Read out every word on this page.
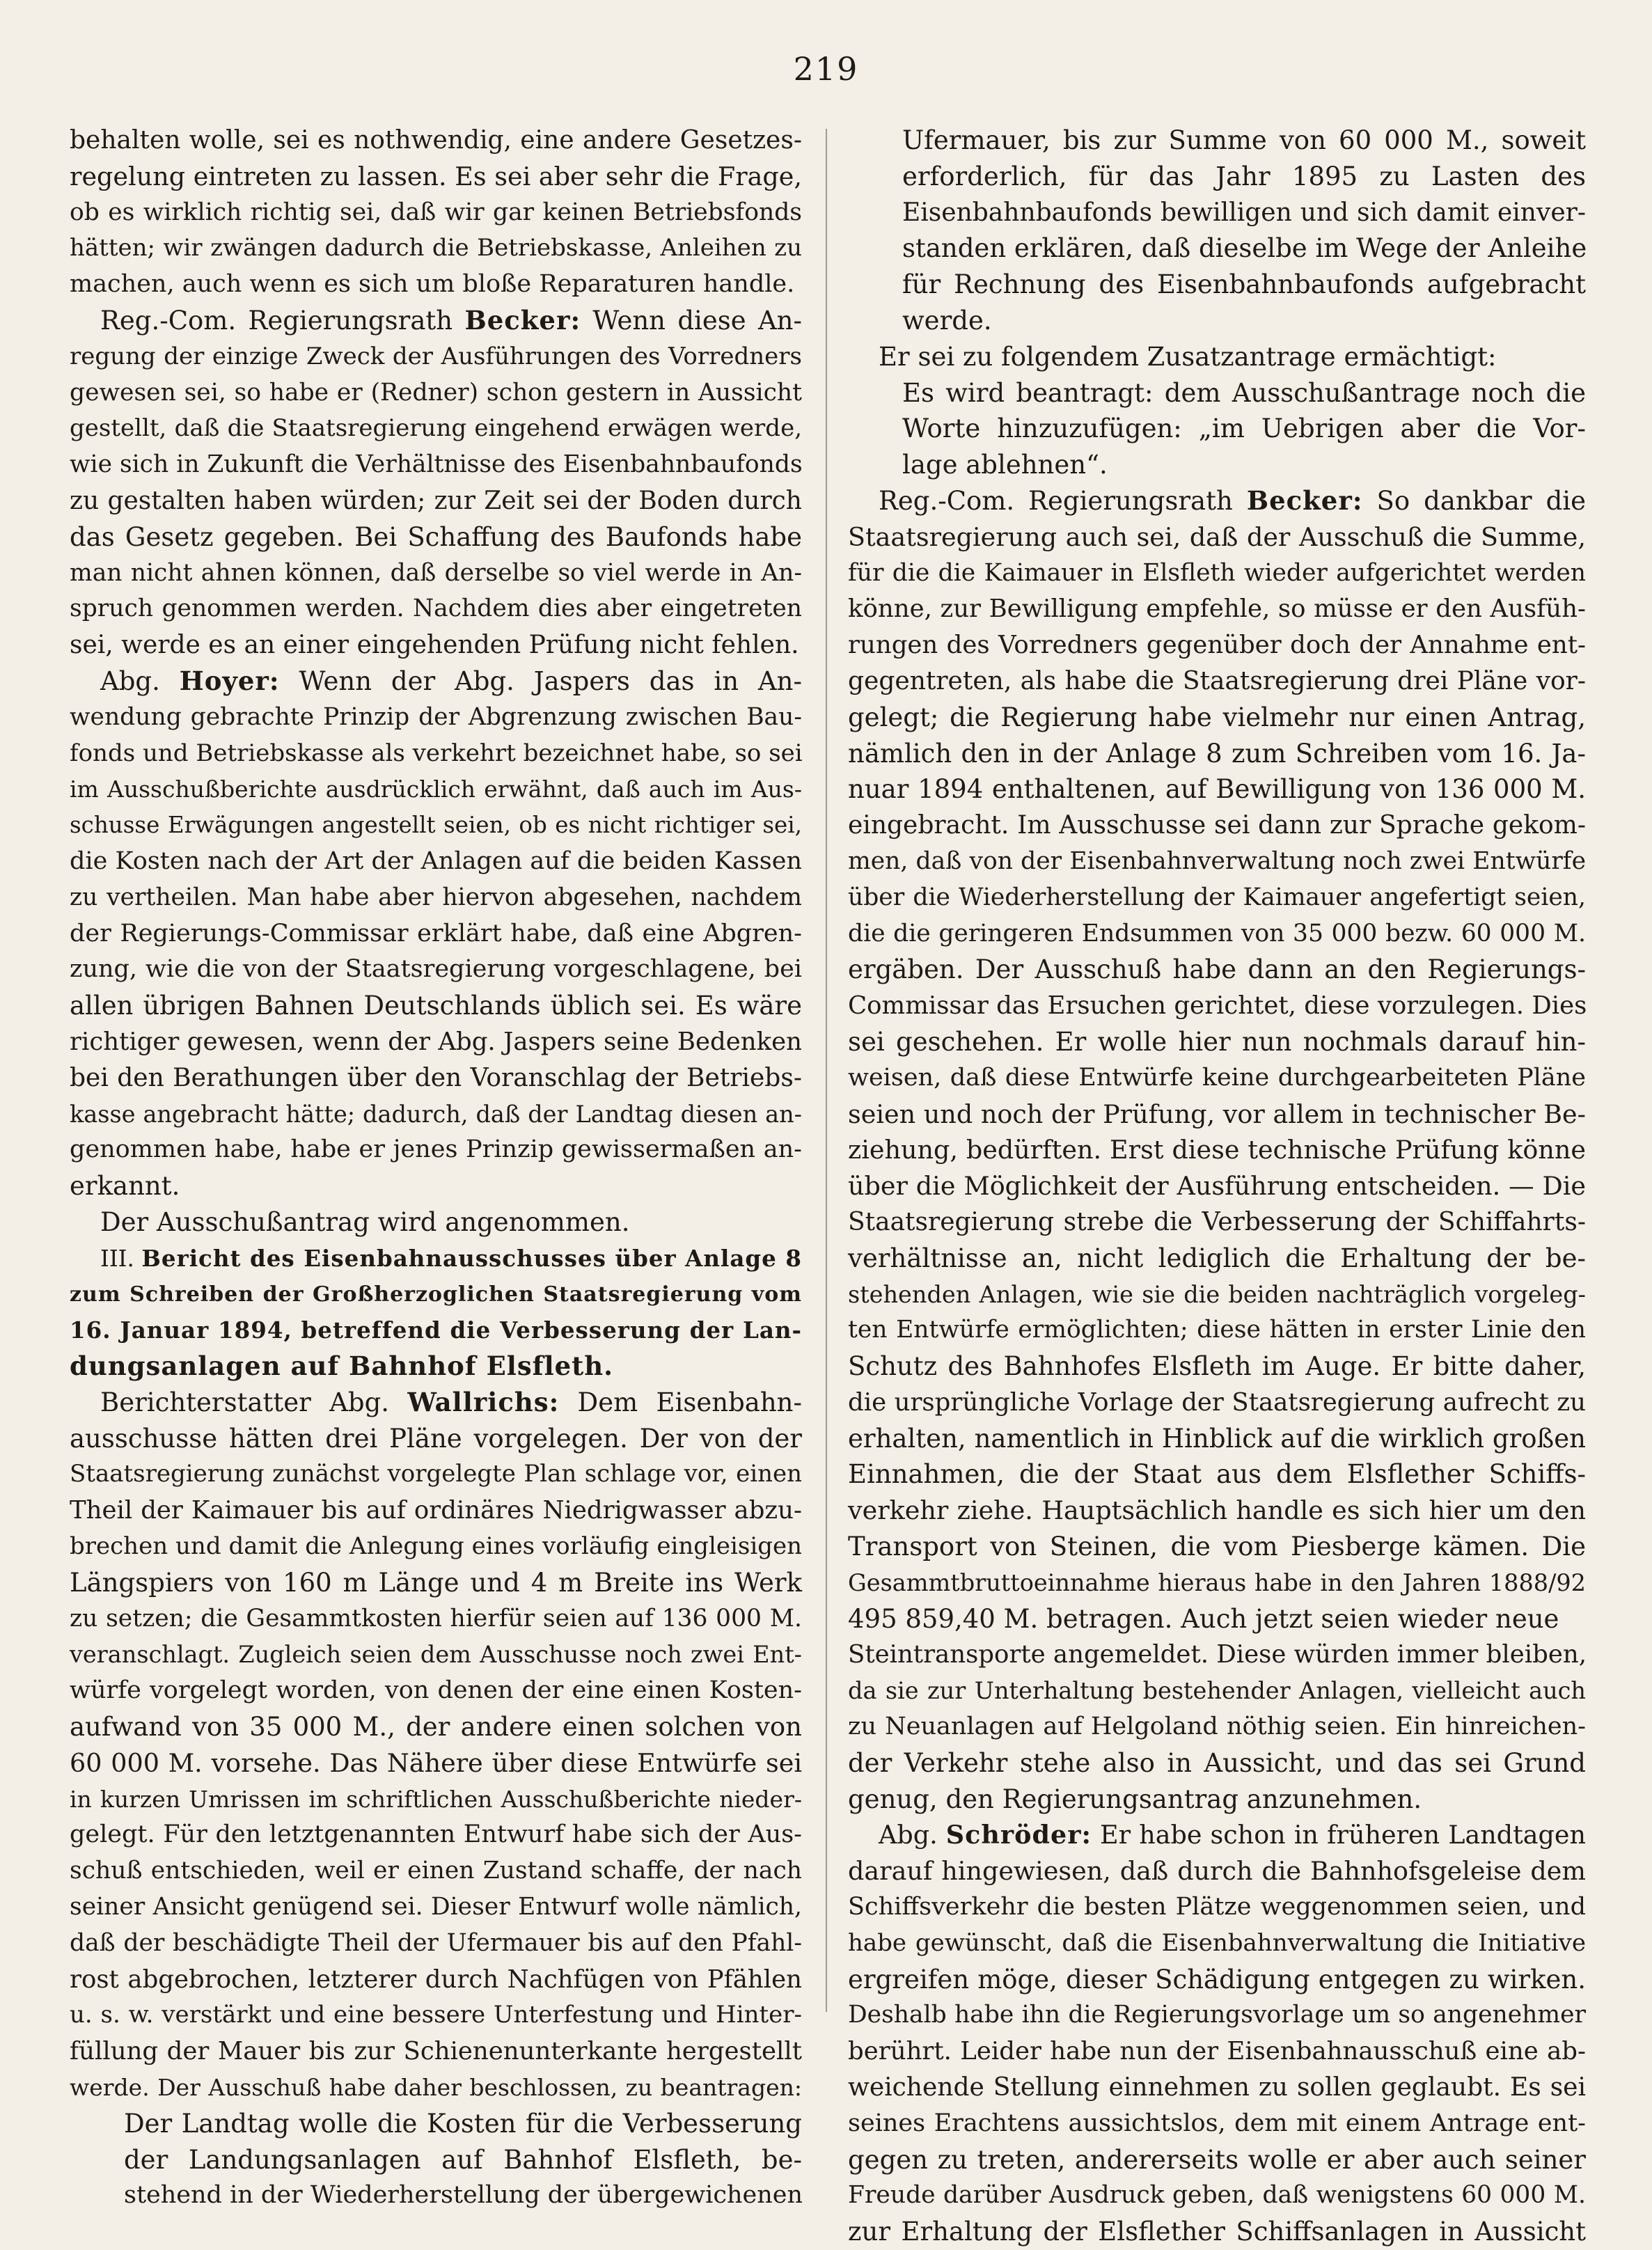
219
behalten wolle, sei es nothwendig, eine andere Gesetzes-
regelung eintreten zu lassen. Es sei aber sehr die Frage,
ob es wirklich richtig sei, daß wir gar keinen Betriebsfonds
hätten; wir zwängen dadurch die Betriebskasse, Anleihen zu
machen, auch wenn es sich um bloße Reparaturen handle.
Reg.-Com. Regierungsrath Becker: Wenn diese An-
regung der einzige Zweck der Ausführungen des Vorredners
gewesen sei, so habe er (Redner) schon gestern in Aussicht
gestellt, daß die Staatsregierung eingehend erwägen werde,
wie sich in Zukunft die Verhältnisse des Eisenbahnbaufonds
zu gestalten haben würden; zur Zeit sei der Boden durch
das Gesetz gegeben. Bei Schaffung des Baufonds habe
man nicht ahnen können, daß derselbe so viel werde in An-
spruch genommen werden. Nachdem dies aber eingetreten
sei, werde es an einer eingehenden Prüfung nicht fehlen.
Abg. Hoyer: Wenn der Abg. Jaspers das in An-
wendung gebrachte Prinzip der Abgrenzung zwischen Bau-
fonds und Betriebskasse als verkehrt bezeichnet habe, so sei
im Ausschußberichte ausdrücklich erwähnt, daß auch im Aus-
schusse Erwägungen angestellt seien, ob es nicht richtiger sei,
die Kosten nach der Art der Anlagen auf die beiden Kassen
zu vertheilen. Man habe aber hiervon abgesehen, nachdem
der Regierungs-Commissar erklärt habe, daß eine Abgren-
zung, wie die von der Staatsregierung vorgeschlagene, bei
allen übrigen Bahnen Deutschlands üblich sei. Es wäre
richtiger gewesen, wenn der Abg. Jaspers seine Bedenken
bei den Berathungen über den Voranschlag der Betriebs-
kasse angebracht hätte; dadurch, daß der Landtag diesen an-
genommen habe, habe er jenes Prinzip gewissermaßen an-
erkannt.
Der Ausschußantrag wird angenommen.
III. Bericht des Eisenbahnausschusses über Anlage 8
zum Schreiben der Großherzoglichen Staatsregierung vom
16. Januar 1894, betreffend die Verbesserung der Lan-
dungsanlagen auf Bahnhof Elsfleth.
Berichterstatter Abg. Wallrichs: Dem Eisenbahn-
ausschusse hätten drei Pläne vorgelegen. Der von der
Staatsregierung zunächst vorgelegte Plan schlage vor, einen
Theil der Kaimauer bis auf ordinäres Niedrigwasser abzu-
brechen und damit die Anlegung eines vorläufig eingleisigen
Längspiers von 160 m Länge und 4 m Breite ins Werk
zu setzen; die Gesammtkosten hierfür seien auf 136 000 M.
veranschlagt. Zugleich seien dem Ausschusse noch zwei Ent-
würfe vorgelegt worden, von denen der eine einen Kosten-
aufwand von 35 000 M., der andere einen solchen von
60 000 M. vorsehe. Das Nähere über diese Entwürfe sei
in kurzen Umrissen im schriftlichen Ausschußberichte nieder-
gelegt. Für den letztgenannten Entwurf habe sich der Aus-
schuß entschieden, weil er einen Zustand schaffe, der nach
seiner Ansicht genügend sei. Dieser Entwurf wolle nämlich,
daß der beschädigte Theil der Ufermauer bis auf den Pfahl-
rost abgebrochen, letzterer durch Nachfügen von Pfählen
u. s. w. verstärkt und eine bessere Unterfestung und Hinter-
füllung der Mauer bis zur Schienenunterkante hergestellt
werde. Der Ausschuß habe daher beschlossen, zu beantragen:
Der Landtag wolle die Kosten für die Verbesserung
der Landungsanlagen auf Bahnhof Elsfleth, be-
stehend in der Wiederherstellung der übergewichenen
Ufermauer, bis zur Summe von 60 000 M., soweit
erforderlich, für das Jahr 1895 zu Lasten des
Eisenbahnbaufonds bewilligen und sich damit einver-
standen erklären, daß dieselbe im Wege der Anleihe
für Rechnung des Eisenbahnbaufonds aufgebracht
werde.
Er sei zu folgendem Zusatzantrage ermächtigt:
Es wird beantragt: dem Ausschußantrage noch die
Worte hinzuzufügen: „im Uebrigen aber die Vor-
lage ablehnen“.
Reg.-Com. Regierungsrath Becker: So dankbar die
Staatsregierung auch sei, daß der Ausschuß die Summe,
für die die Kaimauer in Elsfleth wieder aufgerichtet werden
könne, zur Bewilligung empfehle, so müsse er den Ausfüh-
rungen des Vorredners gegenüber doch der Annahme ent-
gegentreten, als habe die Staatsregierung drei Pläne vor-
gelegt; die Regierung habe vielmehr nur einen Antrag,
nämlich den in der Anlage 8 zum Schreiben vom 16. Ja-
nuar 1894 enthaltenen, auf Bewilligung von 136 000 M.
eingebracht. Im Ausschusse sei dann zur Sprache gekom-
men, daß von der Eisenbahnverwaltung noch zwei Entwürfe
über die Wiederherstellung der Kaimauer angefertigt seien,
die die geringeren Endsummen von 35 000 bezw. 60 000 M.
ergäben. Der Ausschuß habe dann an den Regierungs-
Commissar das Ersuchen gerichtet, diese vorzulegen. Dies
sei geschehen. Er wolle hier nun nochmals darauf hin-
weisen, daß diese Entwürfe keine durchgearbeiteten Pläne
seien und noch der Prüfung, vor allem in technischer Be-
ziehung, bedürften. Erst diese technische Prüfung könne
über die Möglichkeit der Ausführung entscheiden. — Die
Staatsregierung strebe die Verbesserung der Schiffahrts-
verhältnisse an, nicht lediglich die Erhaltung der be-
stehenden Anlagen, wie sie die beiden nachträglich vorgeleg-
ten Entwürfe ermöglichten; diese hätten in erster Linie den
Schutz des Bahnhofes Elsfleth im Auge. Er bitte daher,
die ursprüngliche Vorlage der Staatsregierung aufrecht zu
erhalten, namentlich in Hinblick auf die wirklich großen
Einnahmen, die der Staat aus dem Elsflether Schiffs-
verkehr ziehe. Hauptsächlich handle es sich hier um den
Transport von Steinen, die vom Piesberge kämen. Die
Gesammtbruttoeinnahme hieraus habe in den Jahren 1888/92
495 859,40 M. betragen. Auch jetzt seien wieder neue
Steintransporte angemeldet. Diese würden immer bleiben,
da sie zur Unterhaltung bestehender Anlagen, vielleicht auch
zu Neuanlagen auf Helgoland nöthig seien. Ein hinreichen-
der Verkehr stehe also in Aussicht, und das sei Grund
genug, den Regierungsantrag anzunehmen.
Abg. Schröder: Er habe schon in früheren Landtagen
darauf hingewiesen, daß durch die Bahnhofsgeleise dem
Schiffsverkehr die besten Plätze weggenommen seien, und
habe gewünscht, daß die Eisenbahnverwaltung die Initiative
ergreifen möge, dieser Schädigung entgegen zu wirken.
Deshalb habe ihn die Regierungsvorlage um so angenehmer
berührt. Leider habe nun der Eisenbahnausschuß eine ab-
weichende Stellung einnehmen zu sollen geglaubt. Es sei
seines Erachtens aussichtslos, dem mit einem Antrage ent-
gegen zu treten, andererseits wolle er aber auch seiner
Freude darüber Ausdruck geben, daß wenigstens 60 000 M.
zur Erhaltung der Elsflether Schiffsanlagen in Aussicht
